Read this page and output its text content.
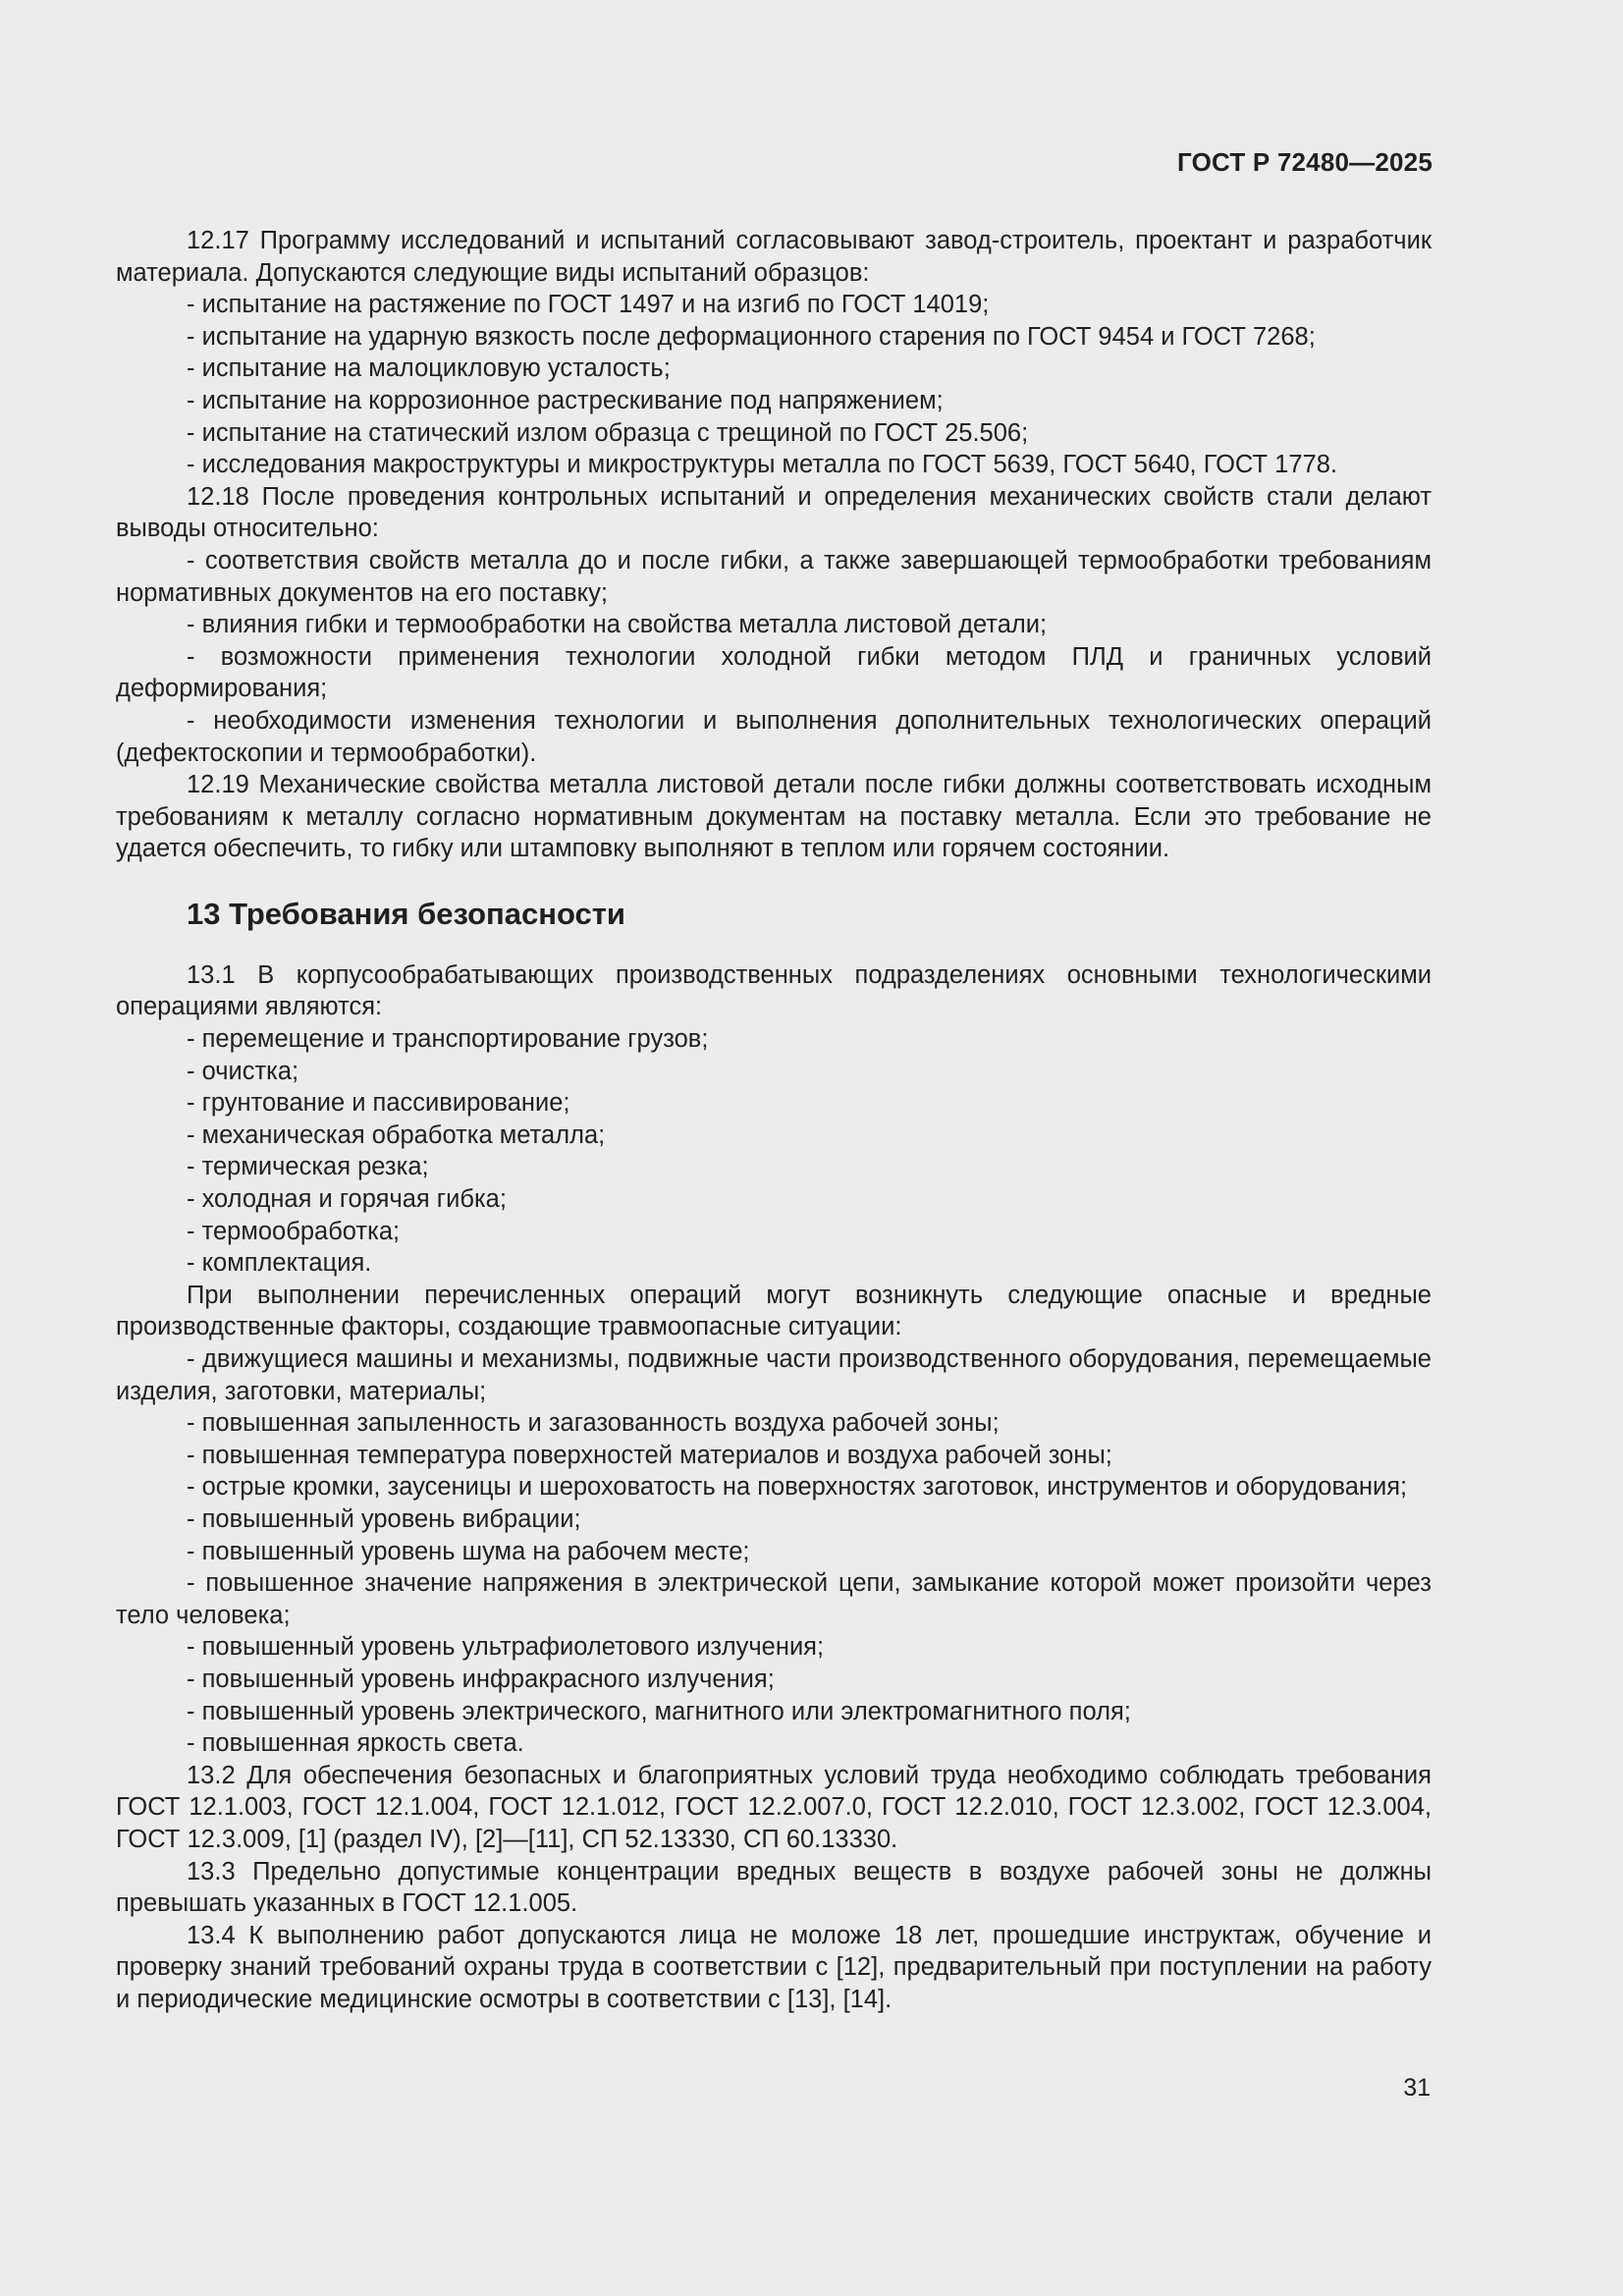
ГОСТ Р 72480—2025

12.17 Программу исследований и испытаний согласовывают завод-строитель, проектант и разработчик материала. Допускаются следующие виды испытаний образцов:

- испытание на растяжение по ГОСТ 1497 и на изгиб по ГОСТ 14019;

- испытание на ударную вязкость после деформационного старения по ГОСТ 9454 и ГОСТ 7268;

- испытание на малоцикловую усталость;

- испытание на коррозионное растрескивание под напряжением;

- испытание на статический излом образца с трещиной по ГОСТ 25.506;

- исследования макроструктуры и микроструктуры металла по ГОСТ 5639, ГОСТ 5640, ГОСТ 1778.

12.18 После проведения контрольных испытаний и определения механических свойств стали делают выводы относительно:

- соответствия свойств металла до и после гибки, а также завершающей термообработки требованиям нормативных документов на его поставку;

- влияния гибки и термообработки на свойства металла листовой детали;

- возможности применения технологии холодной гибки методом ПЛД и граничных условий деформирования;

- необходимости изменения технологии и выполнения дополнительных технологических операций (дефектоскопии и термообработки).

12.19 Механические свойства металла листовой детали после гибки должны соответствовать исходным требованиям к металлу согласно нормативным документам на поставку металла. Если это требование не удается обеспечить, то гибку или штамповку выполняют в теплом или горячем состоянии.

13 Требования безопасности

13.1 В корпусообрабатывающих производственных подразделениях основными технологическими операциями являются:

- перемещение и транспортирование грузов;

- очистка;

- грунтование и пассивирование;

- механическая обработка металла;

- термическая резка;

- холодная и горячая гибка;

- термообработка;

- комплектация.

При выполнении перечисленных операций могут возникнуть следующие опасные и вредные производственные факторы, создающие травмоопасные ситуации:

- движущиеся машины и механизмы, подвижные части производственного оборудования, перемещаемые изделия, заготовки, материалы;

- повышенная запыленность и загазованность воздуха рабочей зоны;

- повышенная температура поверхностей материалов и воздуха рабочей зоны;

- острые кромки, заусеницы и шероховатость на поверхностях заготовок, инструментов и оборудования;

- повышенный уровень вибрации;

- повышенный уровень шума на рабочем месте;

- повышенное значение напряжения в электрической цепи, замыкание которой может произойти через тело человека;

- повышенный уровень ультрафиолетового излучения;

- повышенный уровень инфракрасного излучения;

- повышенный уровень электрического, магнитного или электромагнитного поля;

- повышенная яркость света.

13.2 Для обеспечения безопасных и благоприятных условий труда необходимо соблюдать требования ГОСТ 12.1.003, ГОСТ 12.1.004, ГОСТ 12.1.012, ГОСТ 12.2.007.0, ГОСТ 12.2.010, ГОСТ 12.3.002, ГОСТ 12.3.004, ГОСТ 12.3.009, [1] (раздел IV), [2]—[11], СП 52.13330, СП 60.13330.

13.3 Предельно допустимые концентрации вредных веществ в воздухе рабочей зоны не должны превышать указанных в ГОСТ 12.1.005.

13.4 К выполнению работ допускаются лица не моложе 18 лет, прошедшие инструктаж, обучение и проверку знаний требований охраны труда в соответствии с [12], предварительный при поступлении на работу и периодические медицинские осмотры в соответствии с [13], [14].

31
